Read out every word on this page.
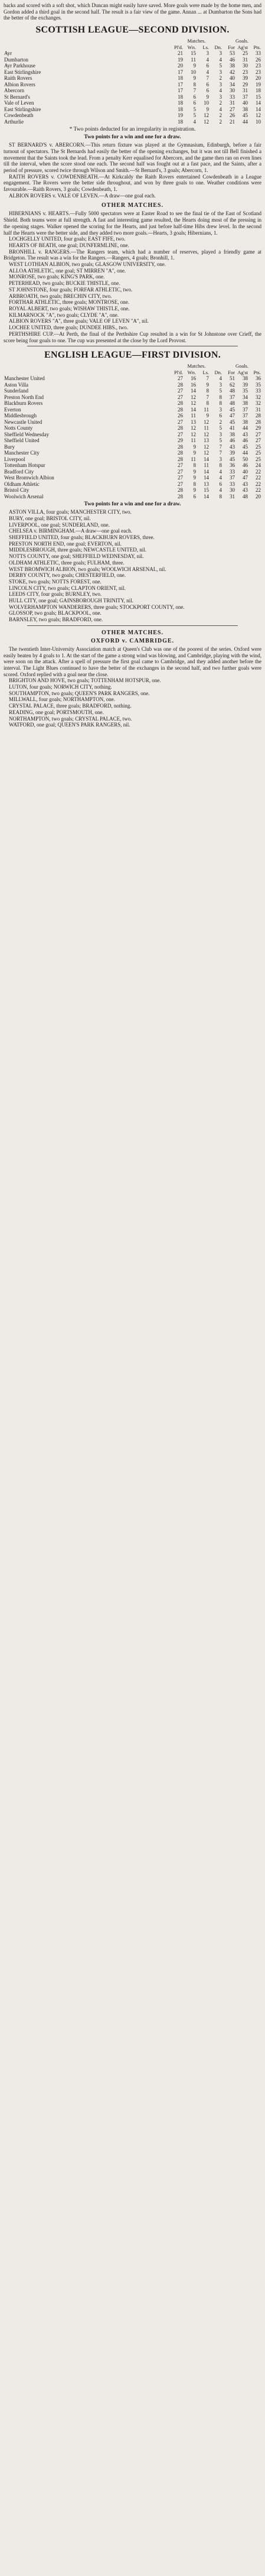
backs and scored with a soft shot, which Duncan might easily have saved. More goals were made by the home men, and Gordon added a third goal in the second half. The result is a fair view of the game. Annan ... at Dumbarton the Sons had the better of the exchanges.

SCOTTISH LEAGUE—SECOND DIVISION.
	Matches.				Goals.		
	Pl'd.	Wn.	Ls.	Dn.	For	Ag'st	Pts.
Ayr	21	15	3	3	53	25	33
Dumbarton	19	11	4	4	46	31	26
Ayr Parkhouse	20	9	6	5	38	30	23
East Stirlingshire	17	10	4	3	42	23	23
Raith Rovers	18	9	7	2	40	39	20
Albion Rovers	17	8	6	3	34	29	19
Abercorn	17	7	6	4	30	31	18
St Bernard's	18	6	9	3	33	37	15
Vale of Leven	18	6	10	2	31	40	14
East Stirlingshire	18	5	9	4	27	38	14
Cowdenbeath	19	5	12	2	26	45	12
Arthurlie	18	4	12	2	21	44	10
* Two points deducted for an irregularity in registration.
Two points for a win and one for a draw.

ST BERNARD'S v. ABERCORN.—This return fixture was played at the Gymnasium, Edinburgh, before a fair turnout of spectators. The St Bernards had easily the better of the opening exchanges, but it was not till Bell finished a movement that the Saints took the lead. From a penalty Kerr equalised for Abercorn, and the game then ran on even lines till the interval, when the score stood one each. The second half was fought out at a fast pace, and the Saints, after a period of pressure, scored twice through Wilson and Smith.—St Bernard's, 3 goals; Abercorn, 1.

RAITH ROVERS v. COWDENBEATH.—At Kirkcaldy the Raith Rovers entertained Cowdenbeath in a League engagement. The Rovers were the better side throughout, and won by three goals to one. Weather conditions were favourable.—Raith Rovers, 3 goals; Cowdenbeath, 1.

ALBION ROVERS v. VALE OF LEVEN.—A draw—one goal each.

OTHER MATCHES.

HIBERNIANS v. HEARTS.—Fully 5000 spectators were at Easter Road to see the final tie of the East of Scotland Shield. Both teams were at full strength. A fast and interesting game resulted, the Hearts doing most of the pressing in the opening stages. Walker opened the scoring for the Hearts, and just before half-time Hibs drew level. In the second half the Hearts were the better side, and they added two more goals.—Hearts, 3 goals; Hibernians, 1.

LOCHGELLY UNITED, four goals; EAST FIFE, two.

HEARTS OF BEATH, one goal; DUNFERMLINE, one.

BRONHILL v. RANGERS.—The Rangers team, which had a number of reserves, played a friendly game at Bridgeton. The result was a win for the Rangers.—Rangers, 4 goals; Bronhill, 1.

WEST LOTHIAN ALBION, two goals; GLASGOW UNIVERSITY, one.

ALLOA ATHLETIC, one goal; ST MIRREN "A", one.

MONROSE, two goals; KING'S PARK, one.

PETERHEAD, two goals; BUCKIE THISTLE, one.

ST JOHNSTONE, four goals; FORFAR ATHLETIC, two.

ARBROATH, two goals; BRECHIN CITY, two.

FORTHAR ATHLETIC, three goals; MONTROSE, one.

ROYAL ALBERT, two goals; WISHAW THISTLE, one.

KILMARNOCK "A", two goals; CLYDE "A", one.

ALBION ROVERS "A", three goals; VALE OF LEVEN "A", nil.

LOCHEE UNITED, three goals; DUNDEE HIBS., two.

PERTHSHIRE CUP.—At Perth, the final of the Perthshire Cup resulted in a win for St Johnstone over Crieff, the score being four goals to one. The cup was presented at the close by the Lord Provost.

ENGLISH LEAGUE—FIRST DIVISION.
	Matches.				Goals.		
	Pl'd.	Wn.	Ls.	Dn.	For	Ag'st	Pts.
Manchester United	27	16	7	4	51	38	36
Aston Villa	28	16	9	3	62	39	35
Sunderland	27	14	8	5	48	35	33
Preston North End	27	12	7	8	37	34	32
Blackburn Rovers	28	12	8	8	48	38	32
Everton	28	14	11	3	45	37	31
Middlesbrough	26	11	9	6	47	37	28
Newcastle United	27	13	12	2	45	38	28
Notts County	28	12	11	5	41	44	29
Sheffield Wednesday	27	12	12	3	38	43	27
Sheffield United	29	11	13	5	46	46	27
Bury	28	9	12	7	43	45	25
Manchester City	28	9	12	7	39	44	25
Liverpool	28	11	14	3	45	50	25
Tottenham Hotspur	27	8	11	8	36	46	24
Bradford City	27	9	14	4	33	40	22
West Bromwich Albion	27	9	14	4	37	47	22
Oldham Athletic	27	8	13	6	33	43	22
Bristol City	28	9	15	4	30	43	22
Woolwich Arsenal	28	6	14	8	31	48	20
Two points for a win and one for a draw.

ASTON VILLA, four goals; MANCHESTER CITY, two.

BURY, one goal; BRISTOL CITY, nil.

LIVERPOOL, one goal; SUNDERLAND, one.

CHELSEA v. BIRMINGHAM.—A draw—one goal each.

SHEFFIELD UNITED, four goals; BLACKBURN ROVERS, three.

PRESTON NORTH END, one goal; EVERTON, nil.

MIDDLESBROUGH, three goals; NEWCASTLE UNITED, nil.

NOTTS COUNTY, one goal; SHEFFIELD WEDNESDAY, nil.

OLDHAM ATHLETIC, three goals; FULHAM, three.

WEST BROMWICH ALBION, two goals; WOOLWICH ARSENAL, nil.

DERBY COUNTY, two goals; CHESTERFIELD, one.

STOKE, two goals; NOTTS FOREST, one.

LINCOLN CITY, two goals; CLAPTON ORIENT, nil.

LEEDS CITY, four goals; BURNLEY, two.

HULL CITY, one goal; GAINSBOROUGH TRINITY, nil.

WOLVERHAMPTON WANDERERS, three goals; STOCKPORT COUNTY, one.

GLOSSOP, two goals; BLACKPOOL, one.

BARNSLEY, two goals; BRADFORD, one.

OTHER MATCHES.
OXFORD v. CAMBRIDGE.

The twentieth Inter-University Association match at Queen's Club was one of the poorest of the series. Oxford were easily beaten by 4 goals to 1. At the start of the game a strong wind was blowing, and Cambridge, playing with the wind, were soon on the attack. After a spell of pressure the first goal came to Cambridge, and they added another before the interval. The Light Blues continued to have the better of the exchanges in the second half, and two further goals were scored. Oxford replied with a goal near the close.

BRIGHTON AND HOVE, two goals; TOTTENHAM HOTSPUR, one.

LUTON, four goals; NORWICH CITY, nothing.

SOUTHAMPTON, two goals; QUEEN'S PARK RANGERS, one.

MILLWALL, four goals; NORTHAMPTON, one.

CRYSTAL PALACE, three goals; BRADFORD, nothing.

READING, one goal; PORTSMOUTH, one.

NORTHAMPTON, two goals; CRYSTAL PALACE, two.

WATFORD, one goal; QUEEN'S PARK RANGERS, nil.
